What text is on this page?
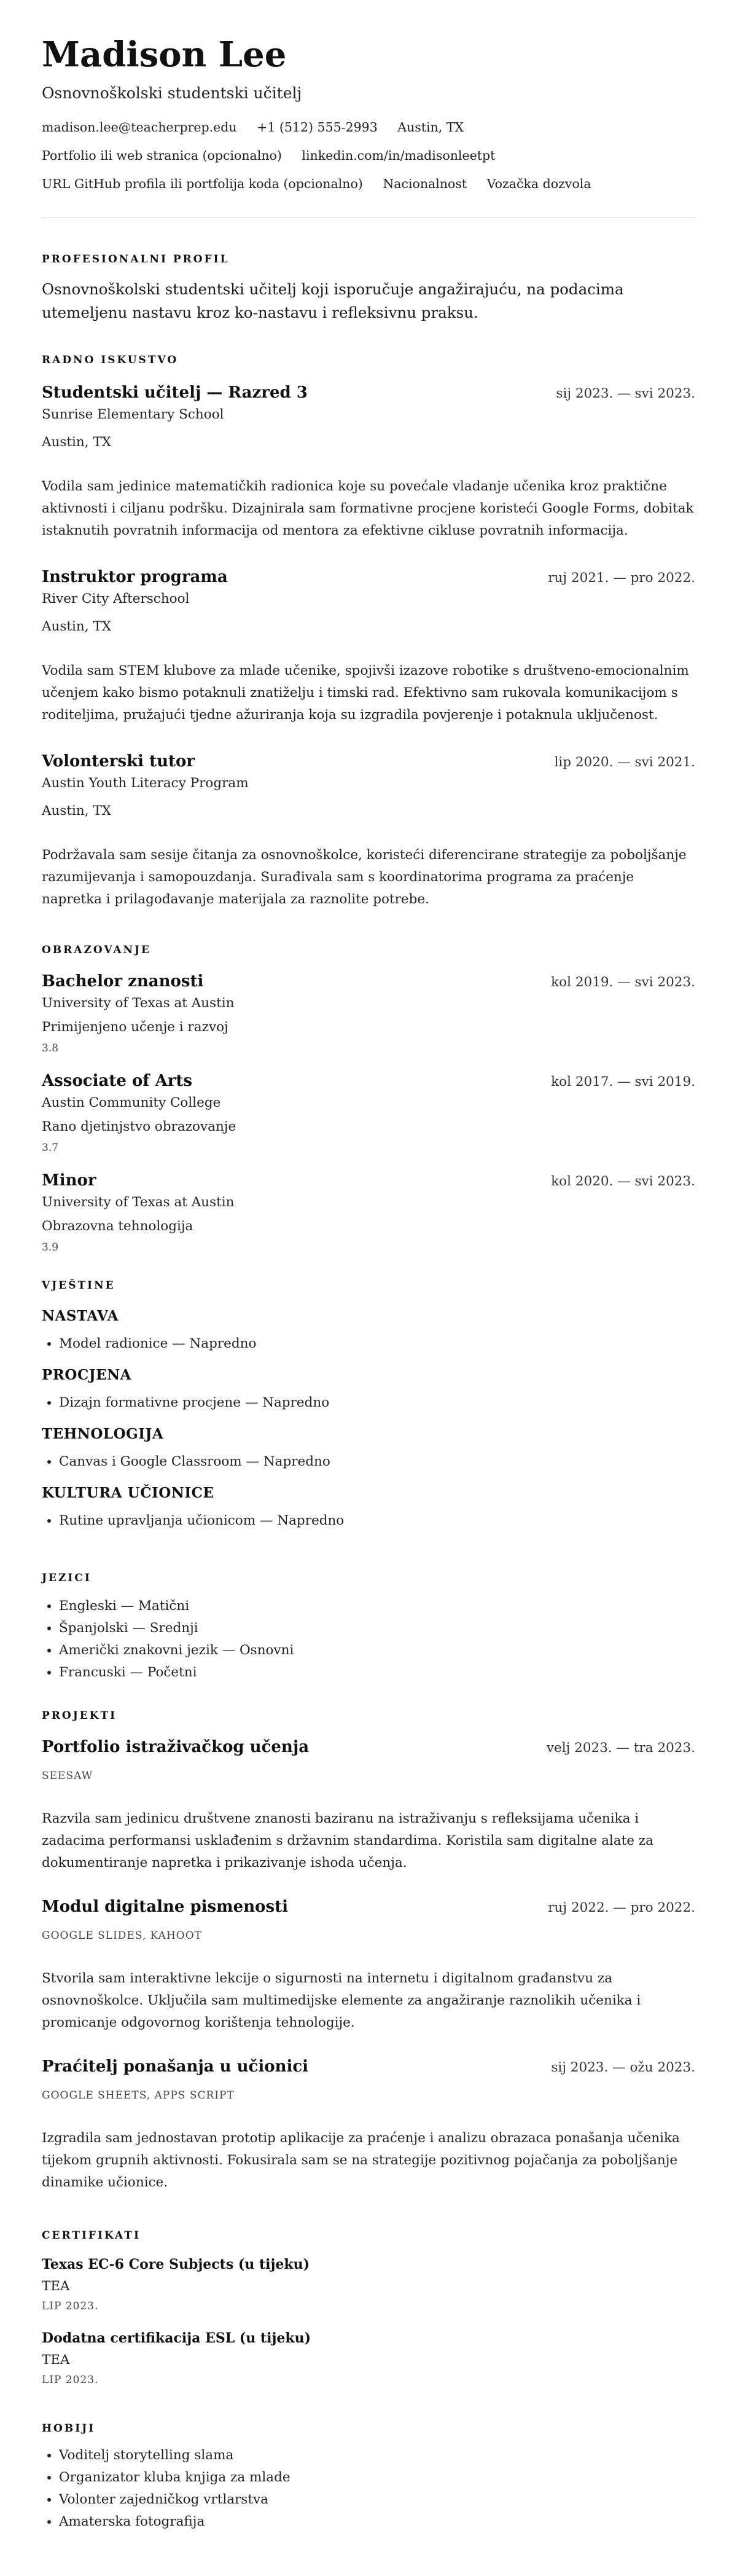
Madison Lee
Osnovnoškolski studentski učitelj
madison.lee@teacherprep.edu +1 (512) 555-2993 Austin, TX
Portfolio ili web stranica (opcionalno) linkedin.com/in/madisonleetpt
URL GitHub profila ili portfolija koda (opcionalno) Nacionalnost Vozačka dozvola
PROFESIONALNI PROFIL
Osnovnoškolski studentski učitelj koji isporučuje angažirajuću, na podacima utemeljenu nastavu kroz ko-nastavu i refleksivnu praksu.
RADNO ISKUSTVO
Studentski učitelj — Razred 3	sij 2023. — svi 2023.
Sunrise Elementary School
Austin, TX
Vodila sam jedinice matematičkih radionica koje su povećale vladanje učenika kroz praktične aktivnosti i ciljanu podršku. Dizajnirala sam formativne procjene koristeći Google Forms, dobitak istaknutih povratnih informacija od mentora za efektivne cikluse povratnih informacija.
Instruktor programa	ruj 2021. — pro 2022.
River City Afterschool
Austin, TX
Vodila sam STEM klubove za mlade učenike, spojivši izazove robotike s društveno-emocionalnim učenjem kako bismo potaknuli znatiželju i timski rad. Efektivno sam rukovala komunikacijom s roditeljima, pružajući tjedne ažuriranja koja su izgradila povjerenje i potaknula uključenost.
Volonterski tutor	lip 2020. — svi 2021.
Austin Youth Literacy Program
Austin, TX
Podržavala sam sesije čitanja za osnovnoškolce, koristeći diferencirane strategije za poboljšanje razumijevanja i samopouzdanja. Surađivala sam s koordinatorima programa za praćenje napretka i prilagođavanje materijala za raznolite potrebe.
OBRAZOVANJE
Bachelor znanosti	kol 2019. — svi 2023.
University of Texas at Austin
Primijenjeno učenje i razvoj
3.8
Associate of Arts	kol 2017. — svi 2019.
Austin Community College
Rano djetinjstvo obrazovanje
3.7
Minor	kol 2020. — svi 2023.
University of Texas at Austin
Obrazovna tehnologija
3.9
VJEŠTINE
NASTAVA
• Model radionice — Napredno
PROCJENA
• Dizajn formativne procjene — Napredno
TEHNOLOGIJA
• Canvas i Google Classroom — Napredno
KULTURA UČIONICE
• Rutine upravljanja učionicom — Napredno
JEZICI
• Engleski — Matični
• Španjolski — Srednji
• Američki znakovni jezik — Osnovni
• Francuski — Početni
PROJEKTI
Portfolio istraživačkog učenja	velj 2023. — tra 2023.
SEESAW
Razvila sam jedinicu društvene znanosti baziranu na istraživanju s refleksijama učenika i zadacima performansi usklađenim s državnim standardima. Koristila sam digitalne alate za dokumentiranje napretka i prikazivanje ishoda učenja.
Modul digitalne pismenosti	ruj 2022. — pro 2022.
GOOGLE SLIDES, KAHOOT
Stvorila sam interaktivne lekcije o sigurnosti na internetu i digitalnom građanstvu za osnovnoškolce. Uključila sam multimedijske elemente za angažiranje raznolikih učenika i promicanje odgovornog korištenja tehnologije.
Praćitelj ponašanja u učionici	sij 2023. — ožu 2023.
GOOGLE SHEETS, APPS SCRIPT
Izgradila sam jednostavan prototip aplikacije za praćenje i analizu obrazaca ponašanja učenika tijekom grupnih aktivnosti. Fokusirala sam se na strategije pozitivnog pojačanja za poboljšanje dinamike učionice.
CERTIFIKATI
Texas EC-6 Core Subjects (u tijeku)
TEA
LIP 2023.
Dodatna certifikacija ESL (u tijeku)
TEA
LIP 2023.
HOBIJI
• Voditelj storytelling slama
• Organizator kluba knjiga za mlade
• Volonter zajedničkog vrtlarstva
• Amaterska fotografija
